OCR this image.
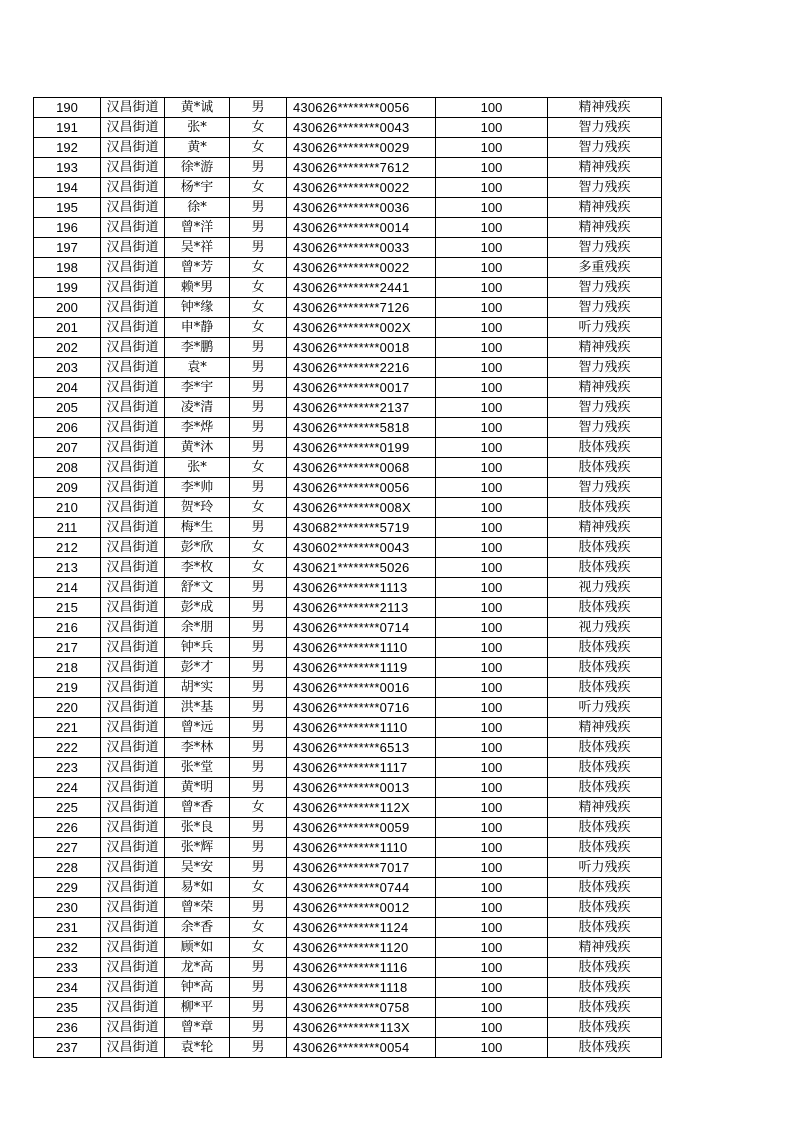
190	汉昌街道	黄*诚	男	430626********0056	100	精神残疾
191	汉昌街道	张*	女	430626********0043	100	智力残疾
192	汉昌街道	黄*	女	430626********0029	100	智力残疾
193	汉昌街道	徐*游	男	430626********7612	100	精神残疾
194	汉昌街道	杨*宇	女	430626********0022	100	智力残疾
195	汉昌街道	徐*	男	430626********0036	100	精神残疾
196	汉昌街道	曾*洋	男	430626********0014	100	精神残疾
197	汉昌街道	吴*祥	男	430626********0033	100	智力残疾
198	汉昌街道	曾*芳	女	430626********0022	100	多重残疾
199	汉昌街道	赖*男	女	430626********2441	100	智力残疾
200	汉昌街道	钟*缘	女	430626********7126	100	智力残疾
201	汉昌街道	申*静	女	430626********002X	100	听力残疾
202	汉昌街道	李*鹏	男	430626********0018	100	精神残疾
203	汉昌街道	袁*	男	430626********2216	100	智力残疾
204	汉昌街道	李*宇	男	430626********0017	100	精神残疾
205	汉昌街道	凌*清	男	430626********2137	100	智力残疾
206	汉昌街道	李*烨	男	430626********5818	100	智力残疾
207	汉昌街道	黄*沐	男	430626********0199	100	肢体残疾
208	汉昌街道	张*	女	430626********0068	100	肢体残疾
209	汉昌街道	李*帅	男	430626********0056	100	智力残疾
210	汉昌街道	贺*玲	女	430626********008X	100	肢体残疾
211	汉昌街道	梅*生	男	430682********5719	100	精神残疾
212	汉昌街道	彭*欣	女	430602********0043	100	肢体残疾
213	汉昌街道	李*枚	女	430621********5026	100	肢体残疾
214	汉昌街道	舒*文	男	430626********1113	100	视力残疾
215	汉昌街道	彭*成	男	430626********2113	100	肢体残疾
216	汉昌街道	余*朋	男	430626********0714	100	视力残疾
217	汉昌街道	钟*兵	男	430626********1110	100	肢体残疾
218	汉昌街道	彭*才	男	430626********1119	100	肢体残疾
219	汉昌街道	胡*实	男	430626********0016	100	肢体残疾
220	汉昌街道	洪*基	男	430626********0716	100	听力残疾
221	汉昌街道	曾*远	男	430626********1110	100	精神残疾
222	汉昌街道	李*林	男	430626********6513	100	肢体残疾
223	汉昌街道	张*堂	男	430626********1117	100	肢体残疾
224	汉昌街道	黄*明	男	430626********0013	100	肢体残疾
225	汉昌街道	曾*香	女	430626********112X	100	精神残疾
226	汉昌街道	张*良	男	430626********0059	100	肢体残疾
227	汉昌街道	张*辉	男	430626********1110	100	肢体残疾
228	汉昌街道	吴*安	男	430626********7017	100	听力残疾
229	汉昌街道	易*如	女	430626********0744	100	肢体残疾
230	汉昌街道	曾*荣	男	430626********0012	100	肢体残疾
231	汉昌街道	余*香	女	430626********1124	100	肢体残疾
232	汉昌街道	顾*如	女	430626********1120	100	精神残疾
233	汉昌街道	龙*高	男	430626********1116	100	肢体残疾
234	汉昌街道	钟*高	男	430626********1118	100	肢体残疾
235	汉昌街道	柳*平	男	430626********0758	100	肢体残疾
236	汉昌街道	曾*章	男	430626********113X	100	肢体残疾
237	汉昌街道	袁*轮	男	430626********0054	100	肢体残疾
